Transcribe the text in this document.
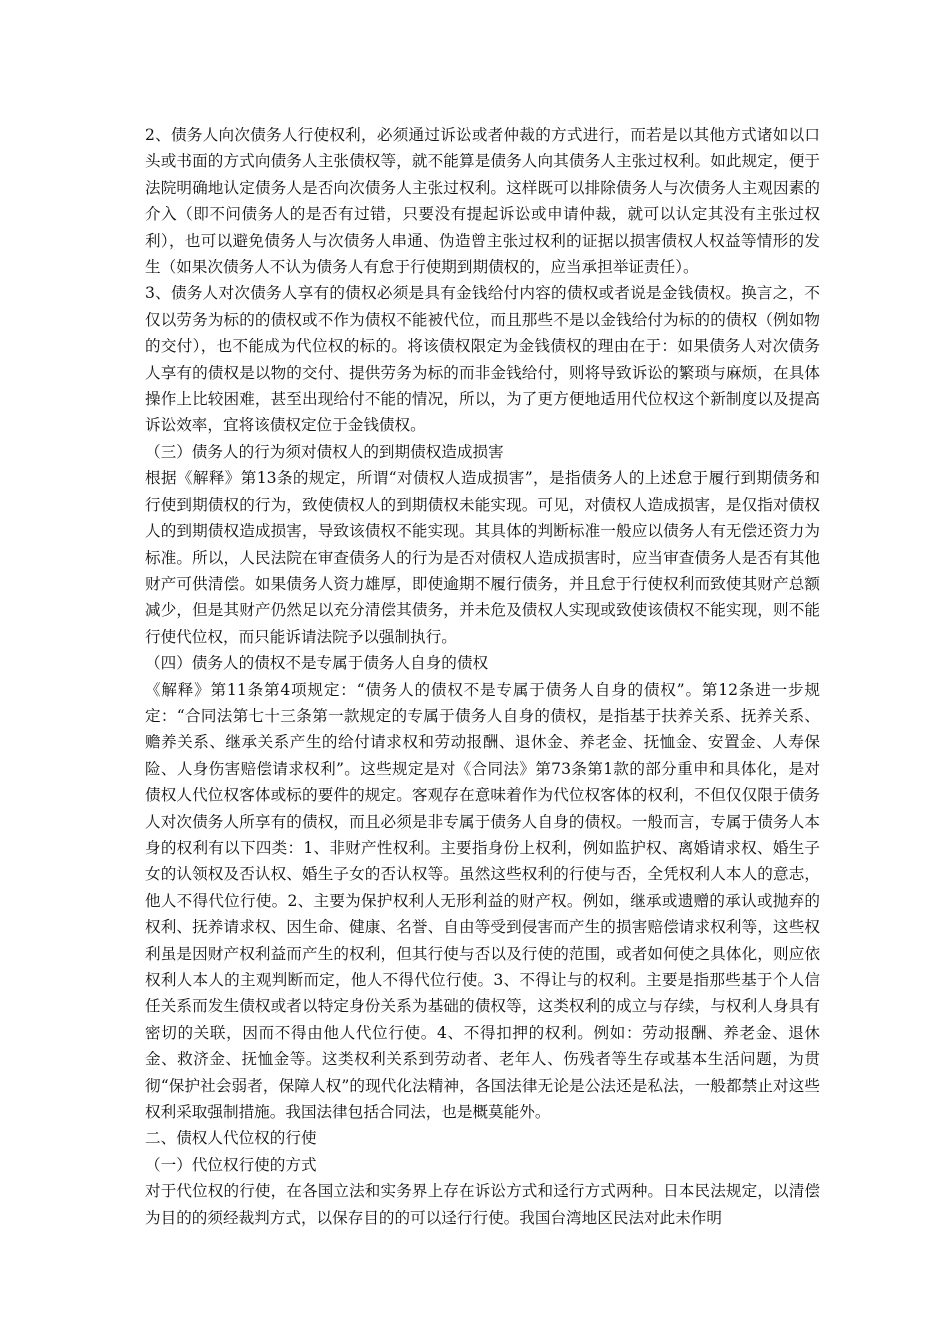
2、债务人向次债务人行使权利，必须通过诉讼或者仲裁的方式进行，而若是以其他方式诸如以口头或书面的方式向债务人主张债权等，就不能算是债务人向其债务人主张过权利。如此规定，便于法院明确地认定债务人是否向次债务人主张过权利。这样既可以排除债务人与次债务人主观因素的介入（即不问债务人的是否有过错，只要没有提起诉讼或申请仲裁，就可以认定其没有主张过权利），也可以避免债务人与次债务人串通、伪造曾主张过权利的证据以损害债权人权益等情形的发生（如果次债务人不认为债务人有怠于行使期到期债权的，应当承担举证责任）。

3、债务人对次债务人享有的债权必须是具有金钱给付内容的债权或者说是金钱债权。换言之，不仅以劳务为标的的债权或不作为债权不能被代位，而且那些不是以金钱给付为标的的债权（例如物的交付），也不能成为代位权的标的。将该债权限定为金钱债权的理由在于：如果债务人对次债务人享有的债权是以物的交付、提供劳务为标的而非金钱给付，则将导致诉讼的繁琐与麻烦，在具体操作上比较困难，甚至出现给付不能的情况，所以，为了更方便地适用代位权这个新制度以及提高诉讼效率，宜将该债权定位于金钱债权。

（三）债务人的行为须对债权人的到期债权造成损害

根据《解释》第13条的规定，所谓“对债权人造成损害”，是指债务人的上述怠于履行到期债务和行使到期债权的行为，致使债权人的到期债权未能实现。可见，对债权人造成损害，是仅指对债权人的到期债权造成损害，导致该债权不能实现。其具体的判断标准一般应以债务人有无偿还资力为标准。所以，人民法院在审查债务人的行为是否对债权人造成损害时，应当审查债务人是否有其他财产可供清偿。如果债务人资力雄厚，即使逾期不履行债务，并且怠于行使权利而致使其财产总额减少，但是其财产仍然足以充分清偿其债务，并未危及债权人实现或致使该债权不能实现，则不能行使代位权，而只能诉请法院予以强制执行。

（四）债务人的债权不是专属于债务人自身的债权

《解释》第11条第4项规定：“债务人的债权不是专属于债务人自身的债权”。第12条进一步规定：“合同法第七十三条第一款规定的专属于债务人自身的债权，是指基于扶养关系、抚养关系、赡养关系、继承关系产生的给付请求权和劳动报酬、退休金、养老金、抚恤金、安置金、人寿保险、人身伤害赔偿请求权利”。这些规定是对《合同法》第73条第1款的部分重申和具体化，是对债权人代位权客体或标的要件的规定。客观存在意味着作为代位权客体的权利，不但仅仅限于债务人对次债务人所享有的债权，而且必须是非专属于债务人自身的债权。一般而言，专属于债务人本身的权利有以下四类：1、非财产性权利。主要指身份上权利，例如监护权、离婚请求权、婚生子女的认领权及否认权、婚生子女的否认权等。虽然这些权利的行使与否，全凭权利人本人的意志，他人不得代位行使。2、主要为保护权利人无形利益的财产权。例如，继承或遗赠的承认或抛弃的权利、抚养请求权、因生命、健康、名誉、自由等受到侵害而产生的损害赔偿请求权利等，这些权利虽是因财产权利益而产生的权利，但其行使与否以及行使的范围，或者如何使之具体化，则应依权利人本人的主观判断而定，他人不得代位行使。3、不得让与的权利。主要是指那些基于个人信任关系而发生债权或者以特定身份关系为基础的债权等，这类权利的成立与存续，与权利人身具有密切的关联，因而不得由他人代位行使。4、不得扣押的权利。例如：劳动报酬、养老金、退休金、救济金、抚恤金等。这类权利关系到劳动者、老年人、伤残者等生存或基本生活问题，为贯彻“保护社会弱者，保障人权”的现代化法精神，各国法律无论是公法还是私法，一般都禁止对这些权利采取强制措施。我国法律包括合同法，也是概莫能外。

二、债权人代位权的行使

（一）代位权行使的方式

对于代位权的行使，在各国立法和实务界上存在诉讼方式和迳行方式两种。日本民法规定，以清偿为目的的须经裁判方式，以保存目的的可以迳行行使。我国台湾地区民法对此未作明
